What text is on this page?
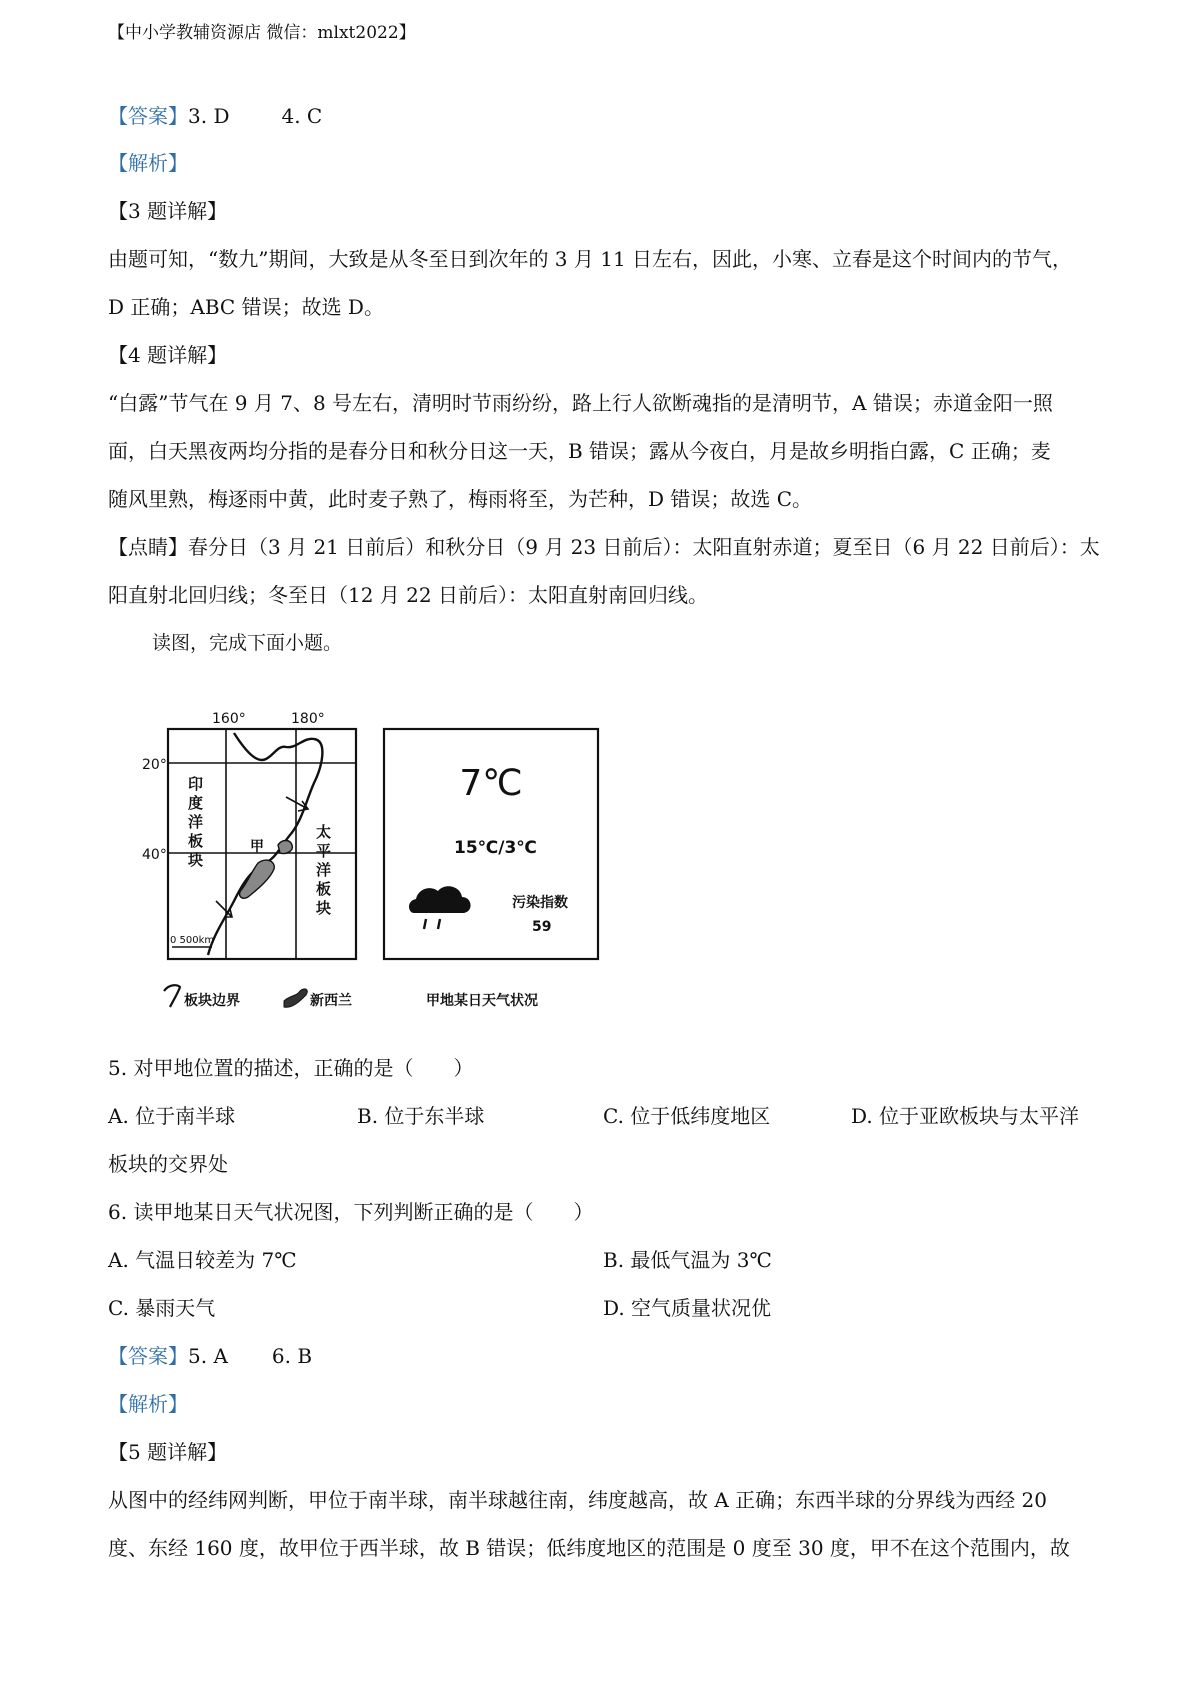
【中小学教辅资源店 微信：mlxt2022】
【答案】3. D	4. C
【解析】
【3 题详解】
由题可知，“数九”期间，大致是从冬至日到次年的 3 月 11 日左右，因此，小寒、立春是这个时间内的节气，
D 正确；ABC 错误；故选 D。
【4 题详解】
“白露”节气在 9 月 7、8 号左右，清明时节雨纷纷，路上行人欲断魂指的是清明节，A 错误；赤道金阳一照
面，白天黑夜两均分指的是春分日和秋分日这一天，B 错误；露从今夜白，月是故乡明指白露，C 正确；麦
随风里熟，梅逐雨中黄，此时麦子熟了，梅雨将至，为芒种，D 错误；故选 C。
【点睛】春分日（3 月 21 日前后）和秋分日（9 月 23 日前后）：太阳直射赤道；夏至日（6 月 22 日前后）：太
阳直射北回归线；冬至日（12 月 22 日前后）：太阳直射南回归线。
读图，完成下面小题。
160°	180°
20°
40°
印
度
洋
板
块
太
平
洋
板
块
甲
0 500km
板块边界	新西兰
7℃
15℃/3℃
污染指数
59
甲地某日天气状况
5. 对甲地位置的描述，正确的是（　　）
A. 位于南半球	B. 位于东半球	C. 位于低纬度地区	D. 位于亚欧板块与太平洋
板块的交界处
6. 读甲地某日天气状况图，下列判断正确的是（　　）
A. 气温日较差为 7℃	B. 最低气温为 3℃
C. 暴雨天气	D. 空气质量状况优
【答案】5. A 6. B
【解析】
【5 题详解】
从图中的经纬网判断，甲位于南半球，南半球越往南，纬度越高，故 A 正确；东西半球的分界线为西经 20
度、东经 160 度，故甲位于西半球，故 B 错误；低纬度地区的范围是 0 度至 30 度，甲不在这个范围内，故
